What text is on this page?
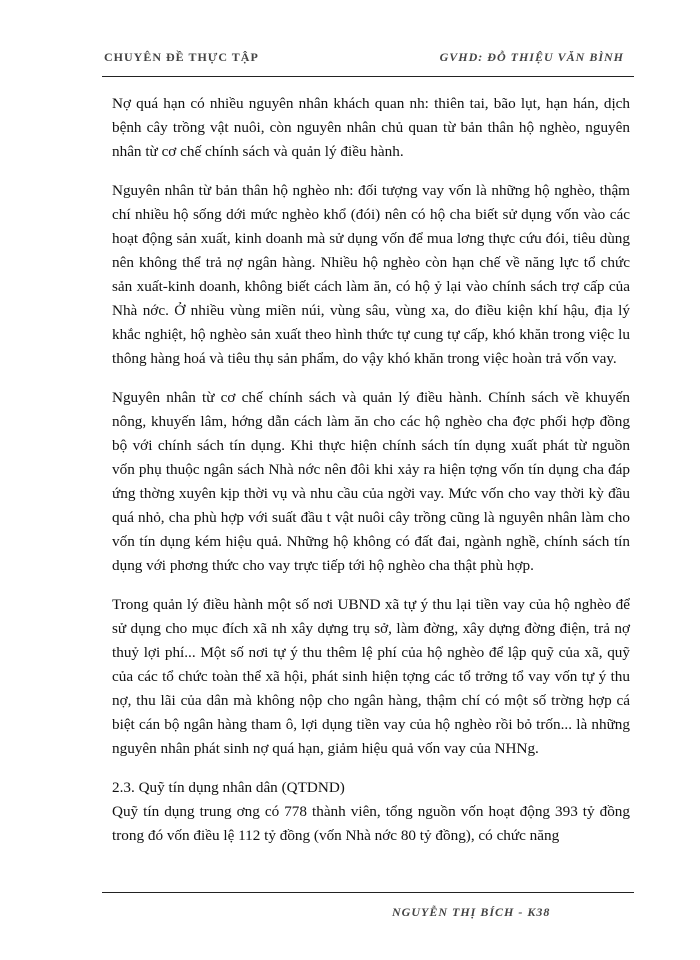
CHUYÊN ĐỀ THỰC TẬP	GVHD: ĐỖ THIỆU VĂN BÌNH

Nợ quá hạn có nhiều nguyên nhân khách quan nh: thiên tai, bão lụt, hạn hán, dịch bệnh cây trồng vật nuôi, còn nguyên nhân chủ quan từ bản thân hộ nghèo, nguyên nhân từ cơ chế chính sách và quản lý điều hành.

Nguyên nhân từ bản thân hộ nghèo nh: đối tượng vay vốn là những hộ nghèo, thậm chí nhiều hộ sống dới mức nghèo khổ (đói) nên có hộ cha biết sử dụng vốn vào các hoạt động sản xuất, kinh doanh mà sử dụng vốn để mua lơng thực cứu đói, tiêu dùng nên không thể trả nợ ngân hàng. Nhiều hộ nghèo còn hạn chế về năng lực tổ chức sản xuất-kinh doanh, không biết cách làm ăn, có hộ ỷ lại vào chính sách trợ cấp của Nhà nớc. Ở nhiều vùng miền núi, vùng sâu, vùng xa, do điều kiện khí hậu, địa lý khắc nghiệt, hộ nghèo sản xuất theo hình thức tự cung tự cấp, khó khăn trong việc lu thông hàng hoá và tiêu thụ sản phẩm, do vậy khó khăn trong việc hoàn trả vốn vay.

Nguyên nhân từ cơ chế chính sách và quản lý điều hành. Chính sách về khuyến nông, khuyến lâm, hớng dẫn cách làm ăn cho các hộ nghèo cha đợc phối hợp đồng bộ với chính sách tín dụng. Khi thực hiện chính sách tín dụng xuất phát từ nguồn vốn phụ thuộc ngân sách Nhà nớc nên đôi khi xảy ra hiện tợng vốn tín dụng cha đáp ứng thờng xuyên kịp thời vụ và nhu cầu của ngời vay. Mức vốn cho vay thời kỳ đầu quá nhỏ, cha phù hợp với suất đầu t vật nuôi cây trồng cũng là nguyên nhân làm cho vốn tín dụng kém hiệu quả. Những hộ không có đất đai, ngành nghề, chính sách tín dụng với phơng thức cho vay trực tiếp tới hộ nghèo cha thật phù hợp.

Trong quản lý điều hành một số nơi UBND xã tự ý thu lại tiền vay của hộ nghèo để sử dụng cho mục đích xã nh xây dựng trụ sở, làm đờng, xây dựng đờng điện, trả nợ thuỷ lợi phí... Một số nơi tự ý thu thêm lệ phí của hộ nghèo để lập quỹ của xã, quỹ của các tổ chức toàn thể xã hội, phát sinh hiện tợng các tổ trởng tổ vay vốn tự ý thu nợ, thu lãi của dân mà không nộp cho ngân hàng, thậm chí có một số trờng hợp cá biệt cán bộ ngân hàng tham ô, lợi dụng tiền vay của hộ nghèo rồi bỏ trốn... là những nguyên nhân phát sinh nợ quá hạn, giảm hiệu quả vốn vay của NHNg.

2.3. Quỹ tín dụng nhân dân (QTDND)

Quỹ tín dụng trung ơng có 778 thành viên, tổng nguồn vốn hoạt động 393 tỷ đồng trong đó vốn điều lệ 112 tỷ đồng (vốn Nhà nớc 80 tỷ đồng), có chức năng

NGUYỄN THỊ BÍCH - K38
